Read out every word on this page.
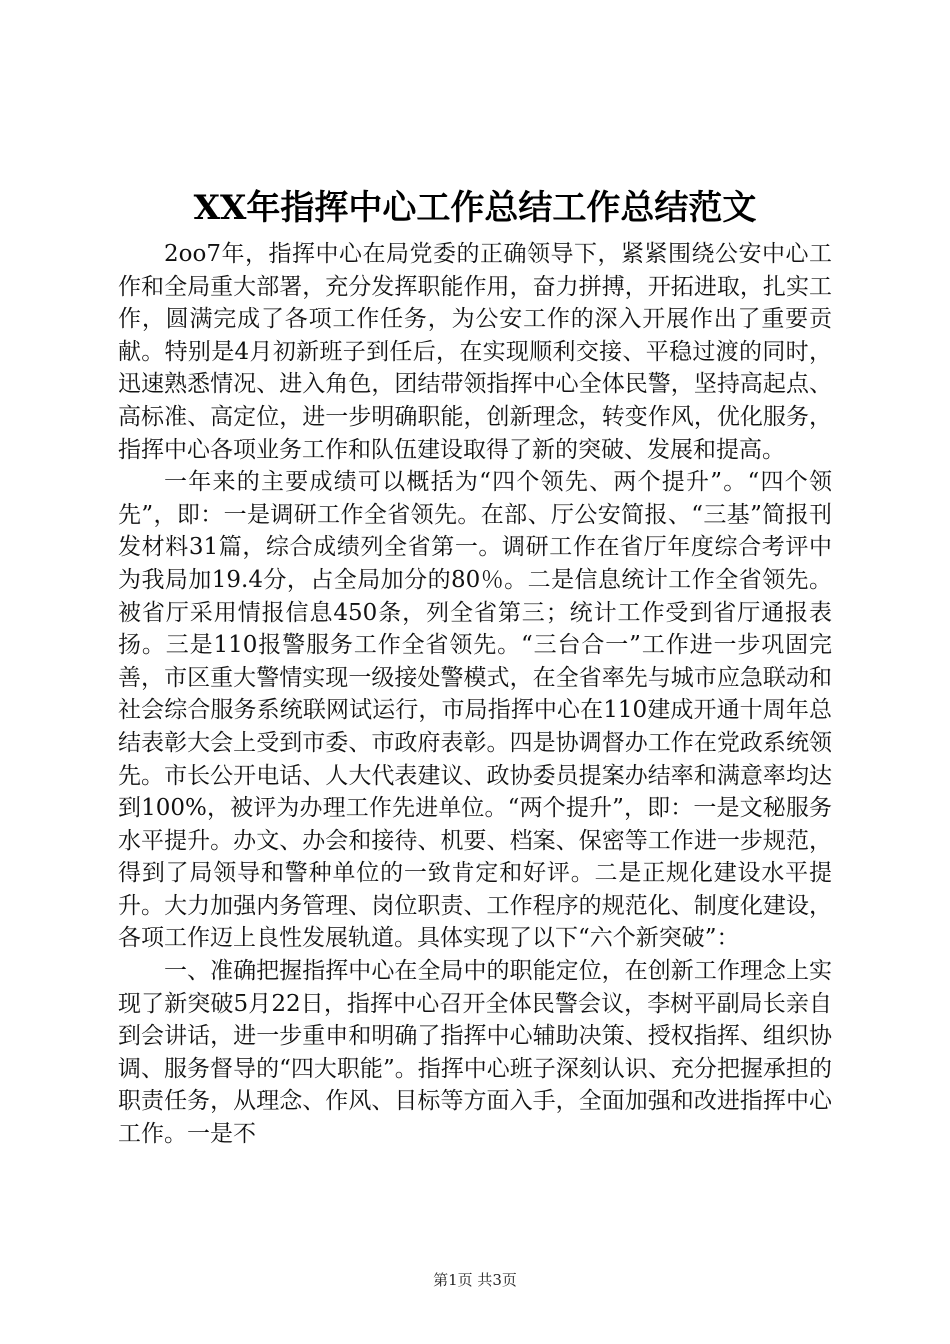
XX年指挥中心工作总结工作总结范文

2oo7年，指挥中心在局党委的正确领导下，紧紧围绕公安中心工作和全局重大部署，充分发挥职能作用，奋力拼搏，开拓进取，扎实工作，圆满完成了各项工作任务，为公安工作的深入开展作出了重要贡献。特别是4月初新班子到任后，在实现顺利交接、平稳过渡的同时，迅速熟悉情况、进入角色，团结带领指挥中心全体民警，坚持高起点、高标准、高定位，进一步明确职能，创新理念，转变作风，优化服务，指挥中心各项业务工作和队伍建设取得了新的突破、发展和提高。

一年来的主要成绩可以概括为“四个领先、两个提升”。“四个领先”，即：一是调研工作全省领先。在部、厅公安简报、“三基”简报刊发材料31篇，综合成绩列全省第一。调研工作在省厅年度综合考评中为我局加19.4分，占全局加分的80％。二是信息统计工作全省领先。被省厅采用情报信息450条，列全省第三；统计工作受到省厅通报表扬。三是110报警服务工作全省领先。“三台合一”工作进一步巩固完善，市区重大警情实现一级接处警模式，在全省率先与城市应急联动和社会综合服务系统联网试运行，市局指挥中心在110建成开通十周年总结表彰大会上受到市委、市政府表彰。四是协调督办工作在党政系统领先。市长公开电话、人大代表建议、政协委员提案办结率和满意率均达到100%，被评为办理工作先进单位。“两个提升”，即：一是文秘服务水平提升。办文、办会和接待、机要、档案、保密等工作进一步规范，得到了局领导和警种单位的一致肯定和好评。二是正规化建设水平提升。大力加强内务管理、岗位职责、工作程序的规范化、制度化建设，各项工作迈上良性发展轨道。具体实现了以下“六个新突破”：

一、准确把握指挥中心在全局中的职能定位，在创新工作理念上实现了新突破5月22日，指挥中心召开全体民警会议，李树平副局长亲自到会讲话，进一步重申和明确了指挥中心辅助决策、授权指挥、组织协调、服务督导的“四大职能”。指挥中心班子深刻认识、充分把握承担的职责任务，从理念、作风、目标等方面入手，全面加强和改进指挥中心工作。一是不

第1页 共3页
